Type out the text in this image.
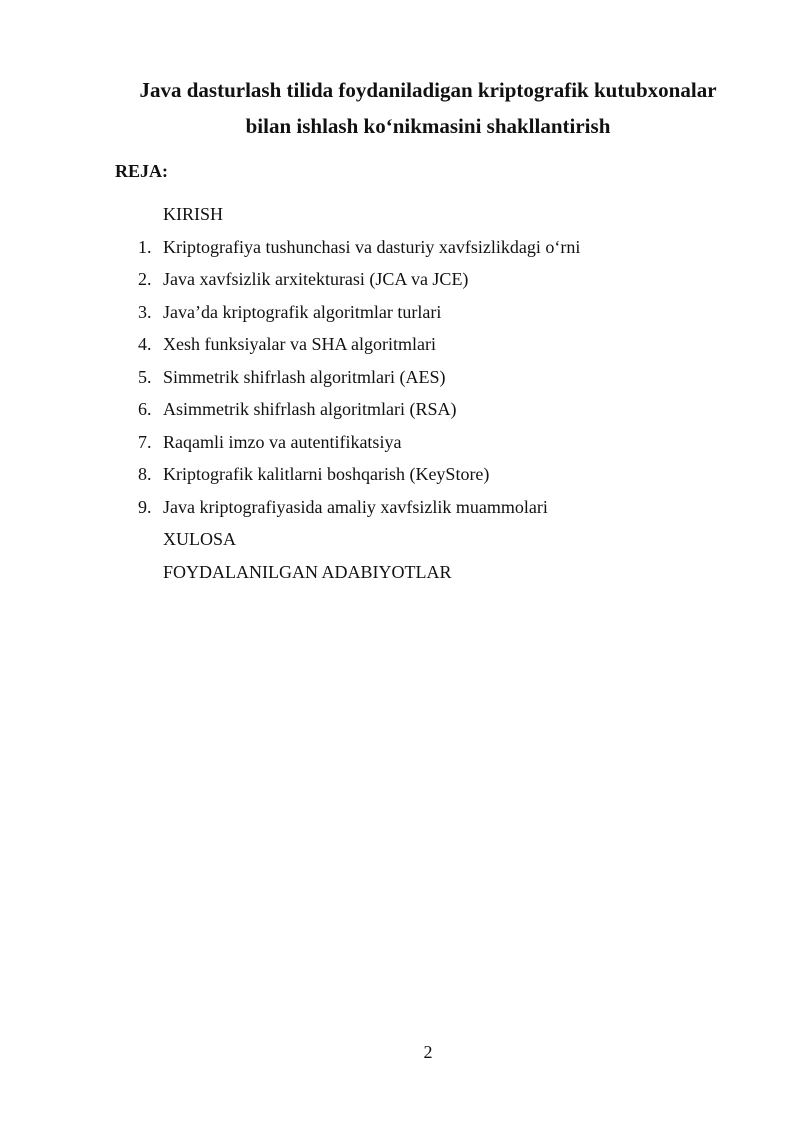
Java dasturlash tilida foydaniladigan kriptografik kutubxonalar
bilan ishlash ko‘nikmasini shakllantirish
REJA:
KIRISH
1. Kriptografiya tushunchasi va dasturiy xavfsizlikdagi o‘rni
2. Java xavfsizlik arxitekturasi (JCA va JCE)
3. Java’da kriptografik algoritmlar turlari
4. Xesh funksiyalar va SHA algoritmlari
5. Simmetrik shifrlash algoritmlari (AES)
6. Asimmetrik shifrlash algoritmlari (RSA)
7. Raqamli imzo va autentifikatsiya
8. Kriptografik kalitlarni boshqarish (KeyStore)
9. Java kriptografiyasida amaliy xavfsizlik muammolari
XULOSA
FOYDALANILGAN ADABIYOTLAR
2
